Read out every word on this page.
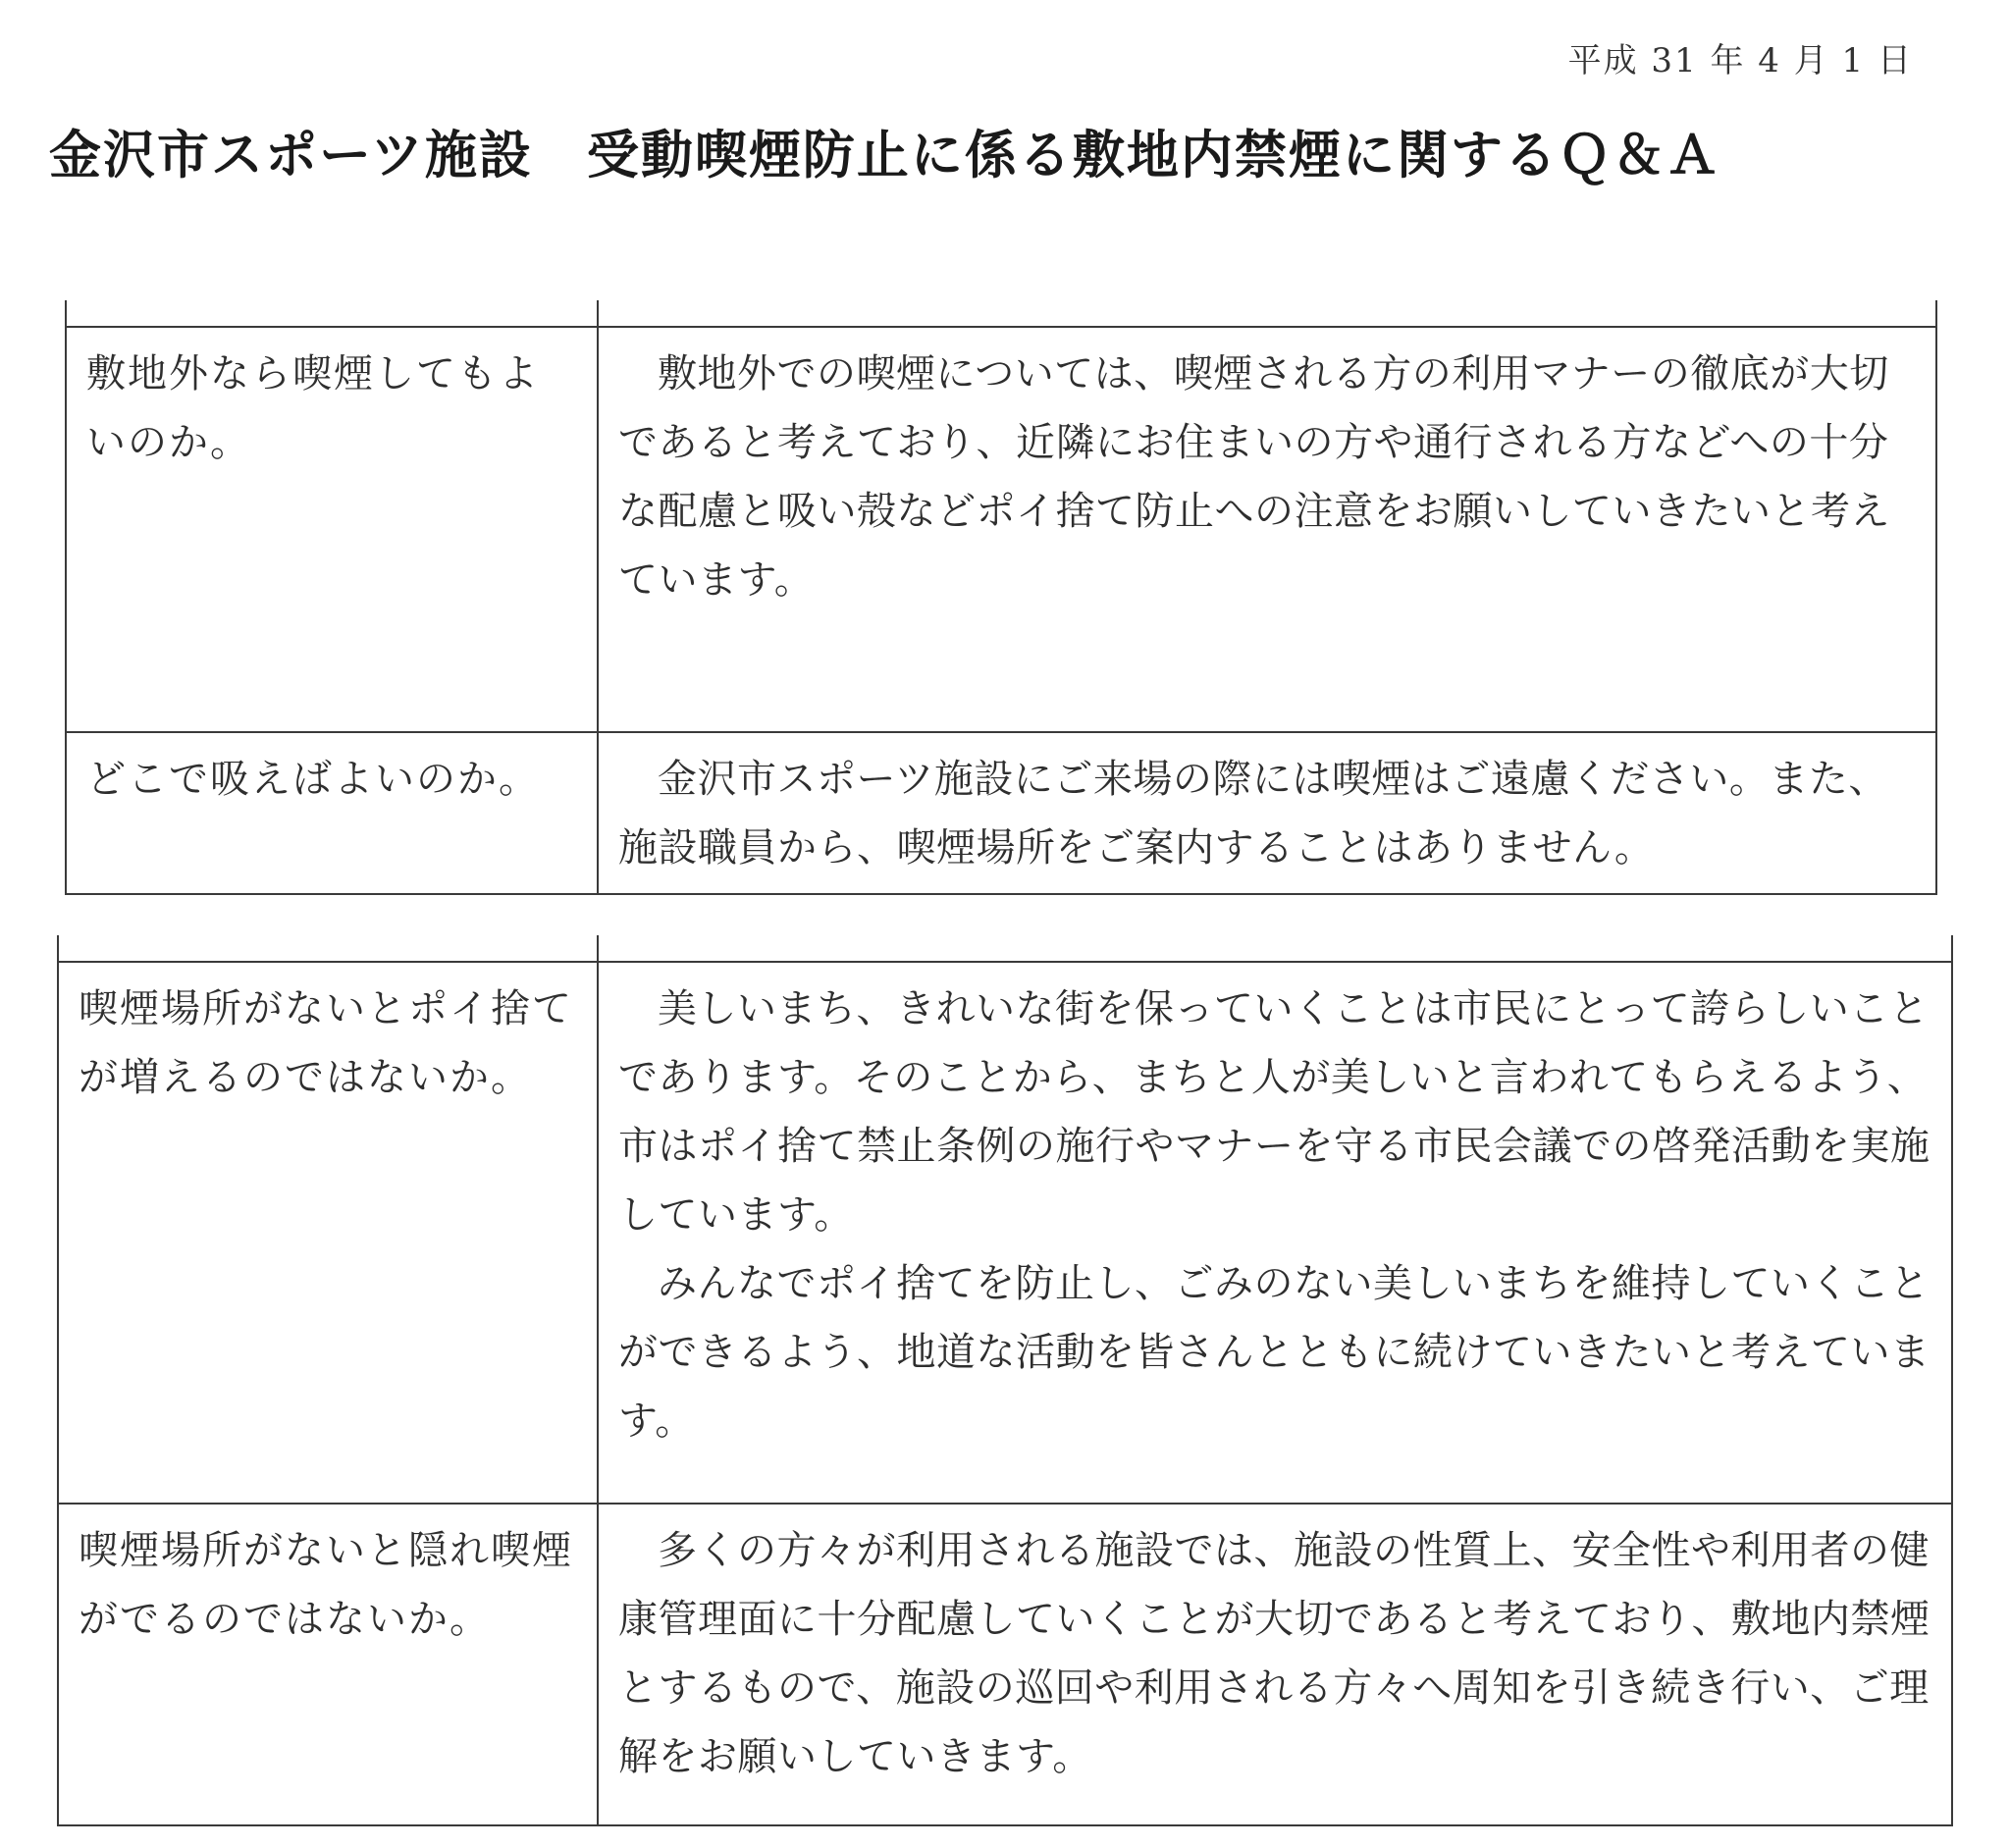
平成 31 年 4 月 1 日
金沢市スポーツ施設　受動喫煙防止に係る敷地内禁煙に関するＱ＆Ａ

敷地外なら喫煙してもよいのか。	敷地外での喫煙については、喫煙される方の利用マナーの徹底が大切であると考えており、近隣にお住まいの方や通行される方などへの十分な配慮と吸い殻などポイ捨て防止への注意をお願いしていきたいと考えています。

どこで吸えばよいのか。	金沢市スポーツ施設にご来場の際には喫煙はご遠慮ください。また、施設職員から、喫煙場所をご案内することはありません。

喫煙場所がないとポイ捨てが増えるのではないか。	美しいまち、きれいな街を保っていくことは市民にとって誇らしいことであります。そのことから、まちと人が美しいと言われてもらえるよう、市はポイ捨て禁止条例の施行やマナーを守る市民会議での啓発活動を実施しています。
みんなでポイ捨てを防止し、ごみのない美しいまちを維持していくことができるよう、地道な活動を皆さんとともに続けていきたいと考えています。

喫煙場所がないと隠れ喫煙がでるのではないか。	多くの方々が利用される施設では、施設の性質上、安全性や利用者の健康管理面に十分配慮していくことが大切であると考えており、敷地内禁煙とするもので、施設の巡回や利用される方々へ周知を引き続き行い、ご理解をお願いしていきます。
